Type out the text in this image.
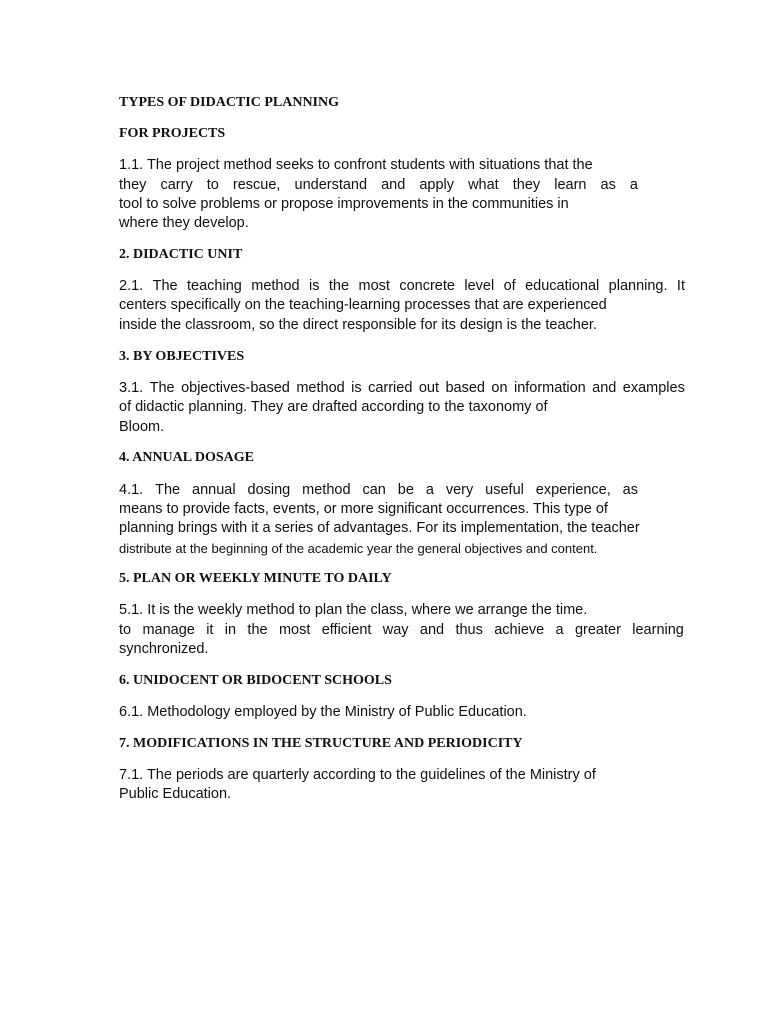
TYPES OF DIDACTIC PLANNING
FOR PROJECTS
1.1. The project method seeks to confront students with situations that the
they carry to rescue, understand and apply what they learn as a
tool to solve problems or propose improvements in the communities in
where they develop.
2. DIDACTIC UNIT
2.1. The teaching method is the most concrete level of educational planning. It
centers specifically on the teaching-learning processes that are experienced
inside the classroom, so the direct responsible for its design is the teacher.
3. BY OBJECTIVES
3.1. The objectives-based method is carried out based on information and examples
of didactic planning. They are drafted according to the taxonomy of
Bloom.
4. ANNUAL DOSAGE
4.1. The annual dosing method can be a very useful experience, as
means to provide facts, events, or more significant occurrences. This type of
planning brings with it a series of advantages. For its implementation, the teacher
distribute at the beginning of the academic year the general objectives and content.
5. PLAN OR WEEKLY MINUTE TO DAILY
5.1. It is the weekly method to plan the class, where we arrange the time.
to manage it in the most efficient way and thus achieve a greater learning
synchronized.
6. UNIDOCENT OR BIDOCENT SCHOOLS
6.1. Methodology employed by the Ministry of Public Education.
7. MODIFICATIONS IN THE STRUCTURE AND PERIODICITY
7.1. The periods are quarterly according to the guidelines of the Ministry of
Public Education.
